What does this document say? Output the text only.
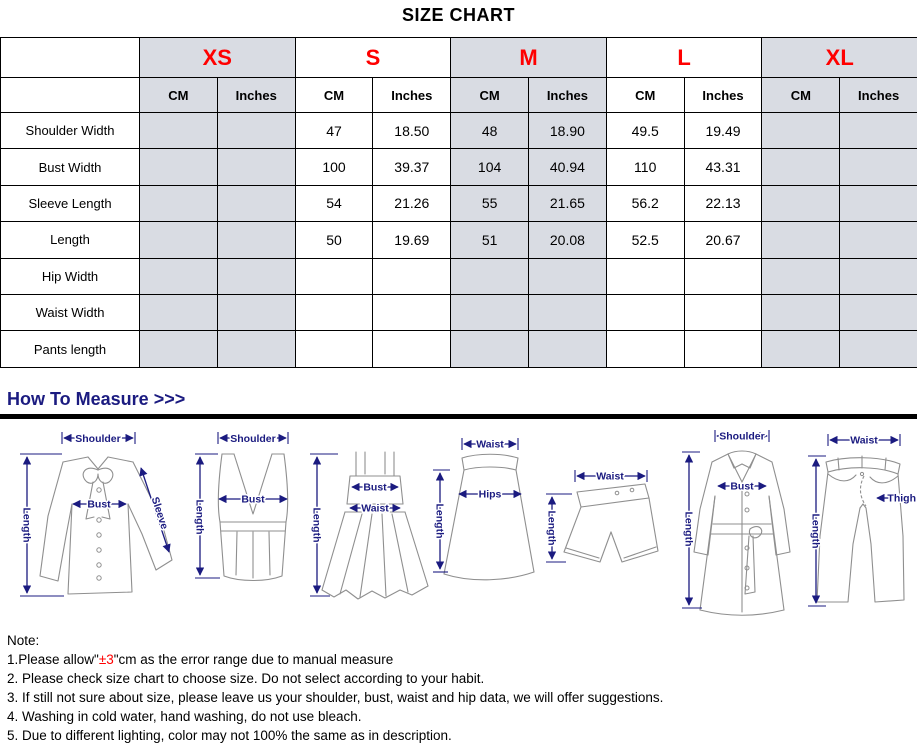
SIZE CHART
	XS		S		M		L		XL	
	CM	Inches	CM	Inches	CM	Inches	CM	Inches	CM	Inches
Shoulder Width			47	18.50	48	18.90	49.5	19.49		
Bust Width			100	39.37	104	40.94	110	43.31		
Sleeve Length			54	21.26	55	21.65	56.2	22.13		
Length			50	19.69	51	20.08	52.5	20.67		
Hip Width										
Waist Width										
Pants length										
How To Measure >>>
Shoulder
Length
Bust	Sleeve
Shoulder
Length	Bust
Bust
Waist
Length
Waist
Hips
Length
Waist
Length
Shoulder
Length
Bust
Waist
Length
Thigh
Note:
1.Please allow"±3"cm as the error range due to manual measure
2. Please check size chart to choose size. Do not select according to your habit.
3. If still not sure about size, please leave us your shoulder, bust, waist and hip data, we will offer suggestions.
4. Washing in cold water, hand washing, do not use bleach.
5. Due to different lighting, color may not 100% the same as in description.
